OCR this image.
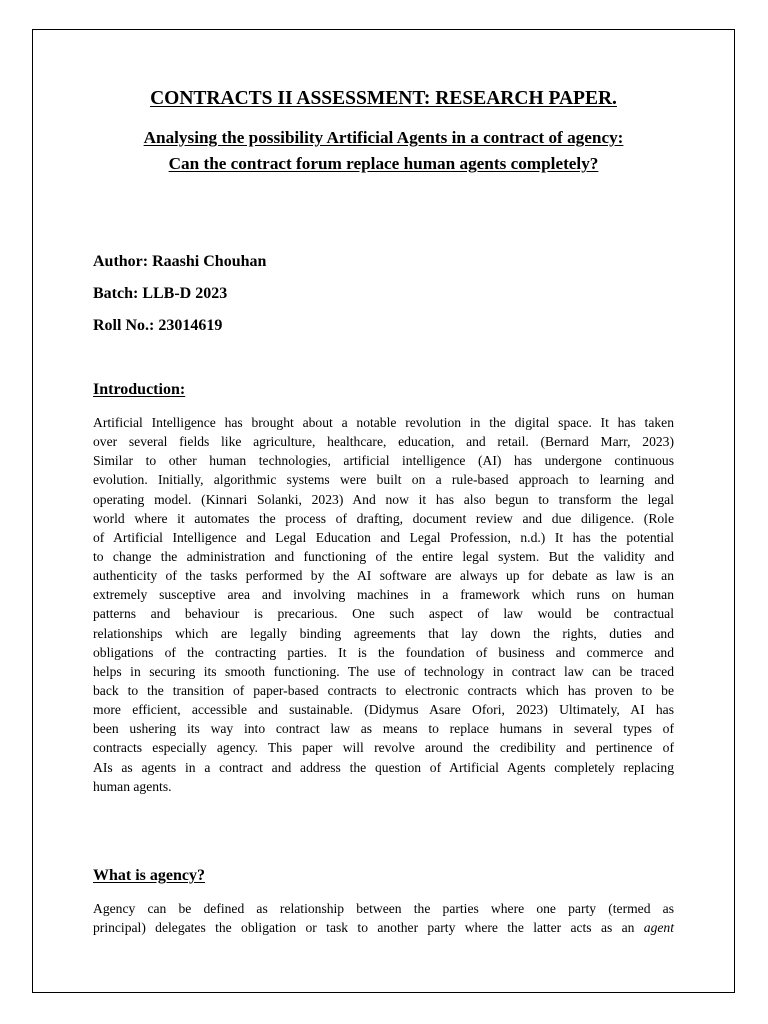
CONTRACTS II ASSESSMENT: RESEARCH PAPER.
Analysing the possibility Artificial Agents in a contract of agency:
Can the contract forum replace human agents completely?

Author: Raashi Chouhan

Batch: LLB-D 2023

Roll No.: 23014619

Introduction:
Artificial Intelligence has brought about a notable revolution in the digital space. It has taken
over several fields like agriculture, healthcare, education, and retail. (Bernard Marr, 2023)
Similar to other human technologies, artificial intelligence (AI) has undergone continuous
evolution. Initially, algorithmic systems were built on a rule-based approach to learning and
operating model. (Kinnari Solanki, 2023) And now it has also begun to transform the legal
world where it automates the process of drafting, document review and due diligence. (Role
of Artificial Intelligence and Legal Education and Legal Profession, n.d.) It has the potential
to change the administration and functioning of the entire legal system. But the validity and
authenticity of the tasks performed by the AI software are always up for debate as law is an
extremely susceptive area and involving machines in a framework which runs on human
patterns and behaviour is precarious. One such aspect of law would be contractual
relationships which are legally binding agreements that lay down the rights, duties and
obligations of the contracting parties. It is the foundation of business and commerce and
helps in securing its smooth functioning. The use of technology in contract law can be traced
back to the transition of paper-based contracts to electronic contracts which has proven to be
more efficient, accessible and sustainable. (Didymus Asare Ofori, 2023) Ultimately, AI has
been ushering its way into contract law as means to replace humans in several types of
contracts especially agency. This paper will revolve around the credibility and pertinence of
AIs as agents in a contract and address the question of Artificial Agents completely replacing
human agents.
What is agency?
Agency can be defined as relationship between the parties where one party (termed as
principal) delegates the obligation or task to another party where the latter acts as an agent
